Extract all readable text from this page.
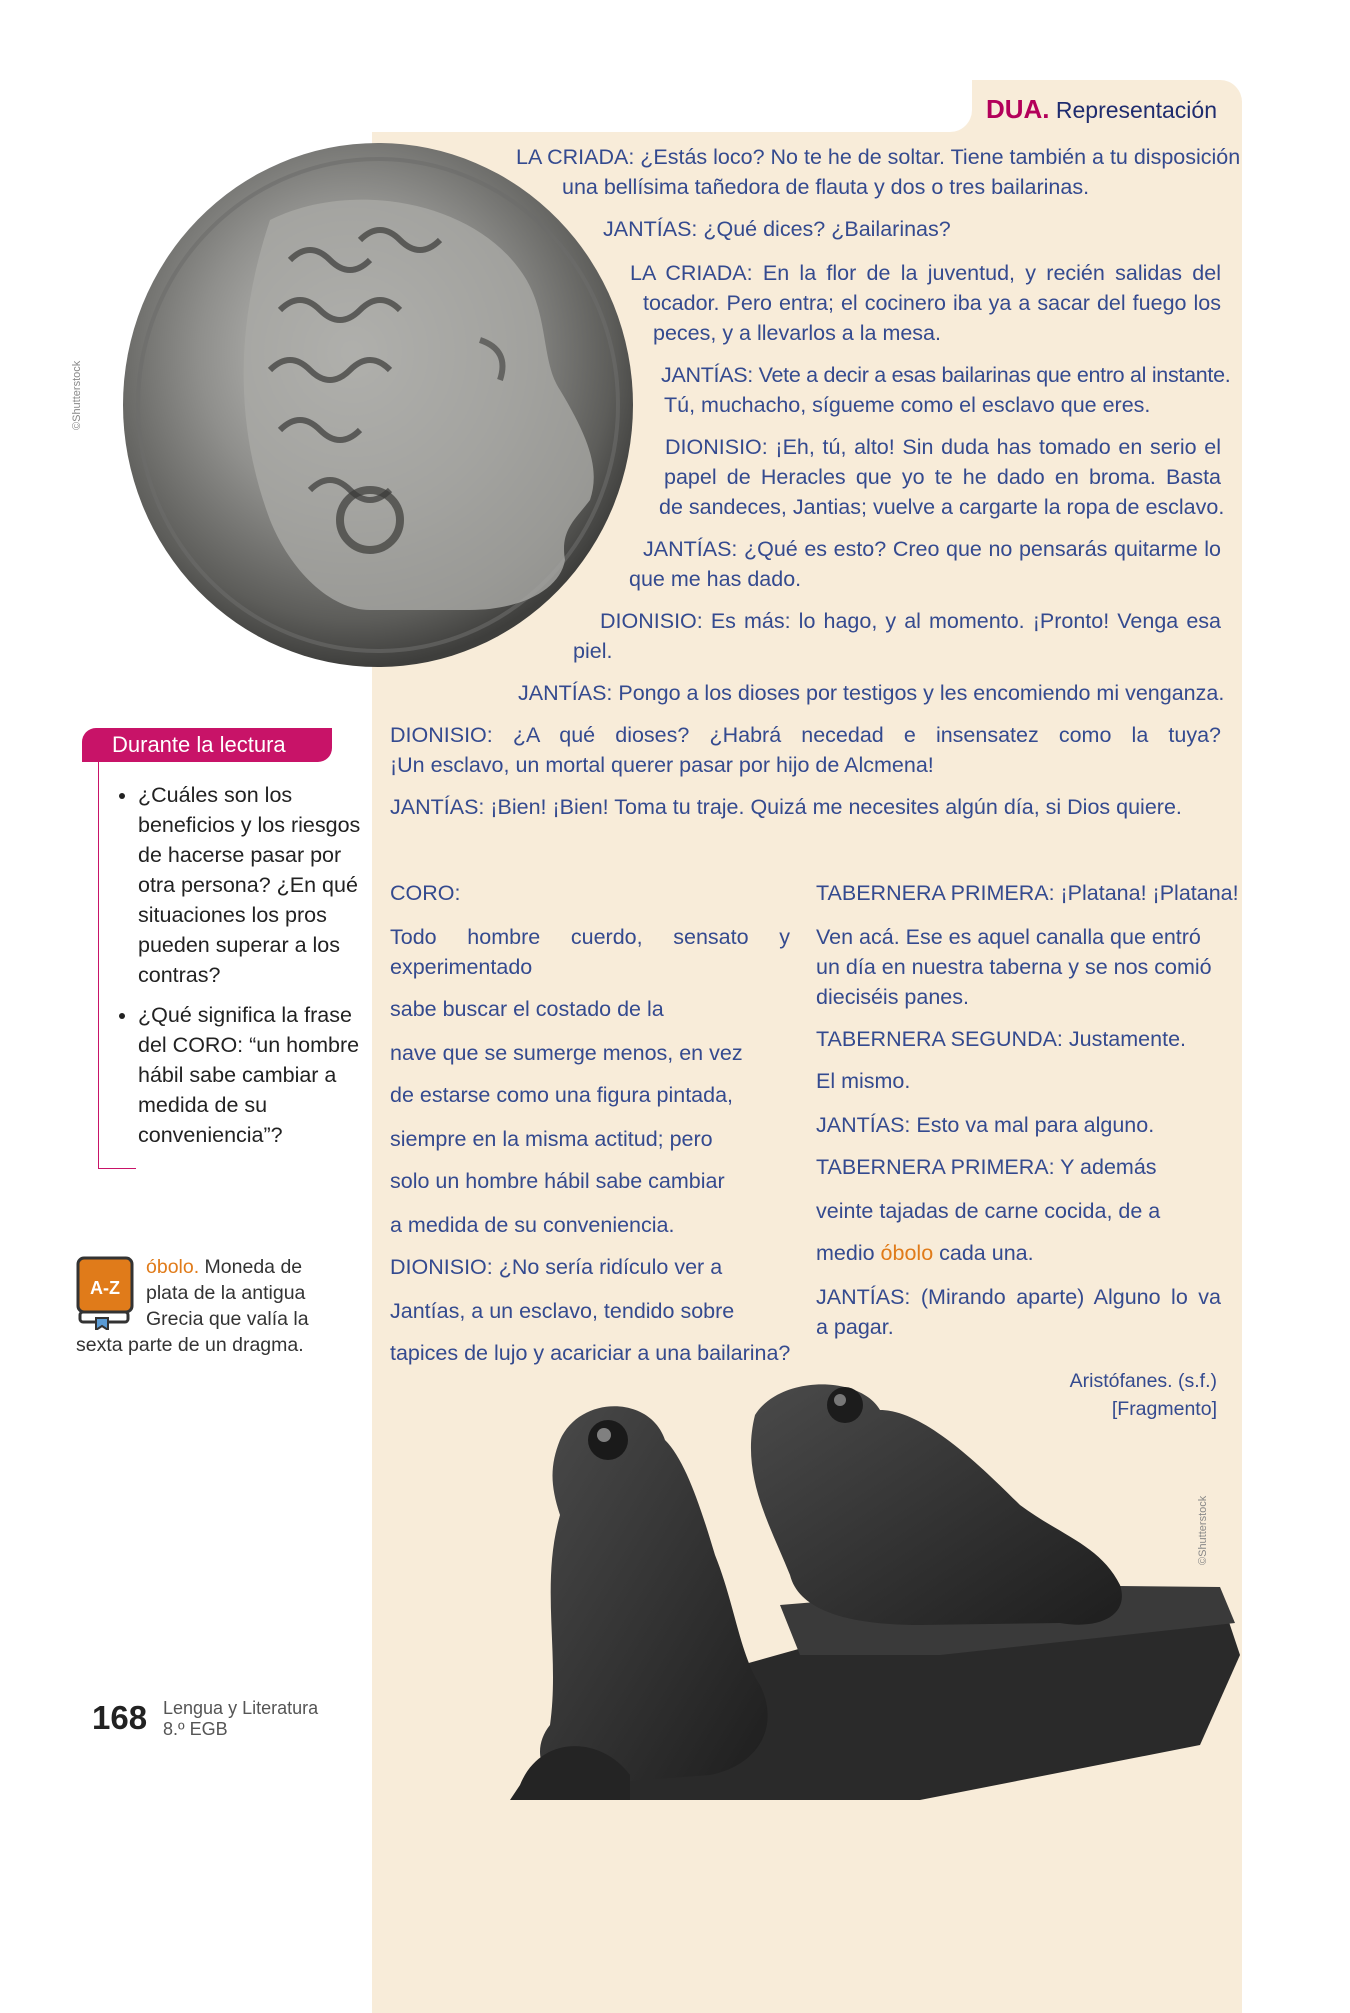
DUA. Representación
©Shutterstock
LA CRIADA: ¿Estás loco? No te he de soltar. Tiene también a tu disposición
una bellísima tañedora de flauta y dos o tres bailarinas.
JANTÍAS: ¿Qué dices? ¿Bailarinas?
LA CRIADA: En la flor de la juventud, y recién salidas del
tocador. Pero entra; el cocinero iba ya a sacar del fuego los
peces, y a llevarlos a la mesa.
JANTÍAS: Vete a decir a esas bailarinas que entro al instante.
Tú, muchacho, sígueme como el esclavo que eres.
DIONISIO: ¡Eh, tú, alto! Sin duda has tomado en serio el
papel de Heracles que yo te he dado en broma. Basta
de sandeces, Jantias; vuelve a cargarte la ropa de esclavo.
JANTÍAS: ¿Qué es esto? Creo que no pensarás quitarme lo
que me has dado.
DIONISIO: Es más: lo hago, y al momento. ¡Pronto! Venga esa
piel.
JANTÍAS: Pongo a los dioses por testigos y les encomiendo mi venganza.
DIONISIO: ¿A qué dioses? ¿Habrá necedad e insensatez como la tuya?
¡Un esclavo, un mortal querer pasar por hijo de Alcmena!
JANTÍAS: ¡Bien! ¡Bien! Toma tu traje. Quizá me necesites algún día, si Dios quiere.
CORO:
Todo hombre cuerdo, sensato y
experimentado
sabe buscar el costado de la
nave que se sumerge menos, en vez
de estarse como una figura pintada,
siempre en la misma actitud; pero
solo un hombre hábil sabe cambiar
a medida de su conveniencia.
DIONISIO: ¿No sería ridículo ver a
Jantías, a un esclavo, tendido sobre
tapices de lujo y acariciar a una bailarina?
TABERNERA PRIMERA: ¡Platana! ¡Platana!
Ven acá. Ese es aquel canalla que entró
un día en nuestra taberna y se nos comió
dieciséis panes.
TABERNERA SEGUNDA: Justamente.
El mismo.
JANTÍAS: Esto va mal para alguno.
TABERNERA PRIMERA: Y además
veinte tajadas de carne cocida, de a
medio óbolo cada una.
JANTÍAS: (Mirando aparte) Alguno lo va
a pagar.
Aristófanes. (s.f.)
[Fragmento]
©Shutterstock
Durante la lectura
• ¿Cuáles son los beneficios y los riesgos de hacerse pasar por otra persona? ¿En qué situaciones los pros pueden superar a los contras?
• ¿Qué significa la frase del CORO: “un hombre hábil sabe cambiar a medida de su conveniencia”?
A-Z
óbolo. Moneda de plata de la antigua Grecia que valía la sexta parte de un dragma.
168 Lengua y Literatura
8.º EGB
